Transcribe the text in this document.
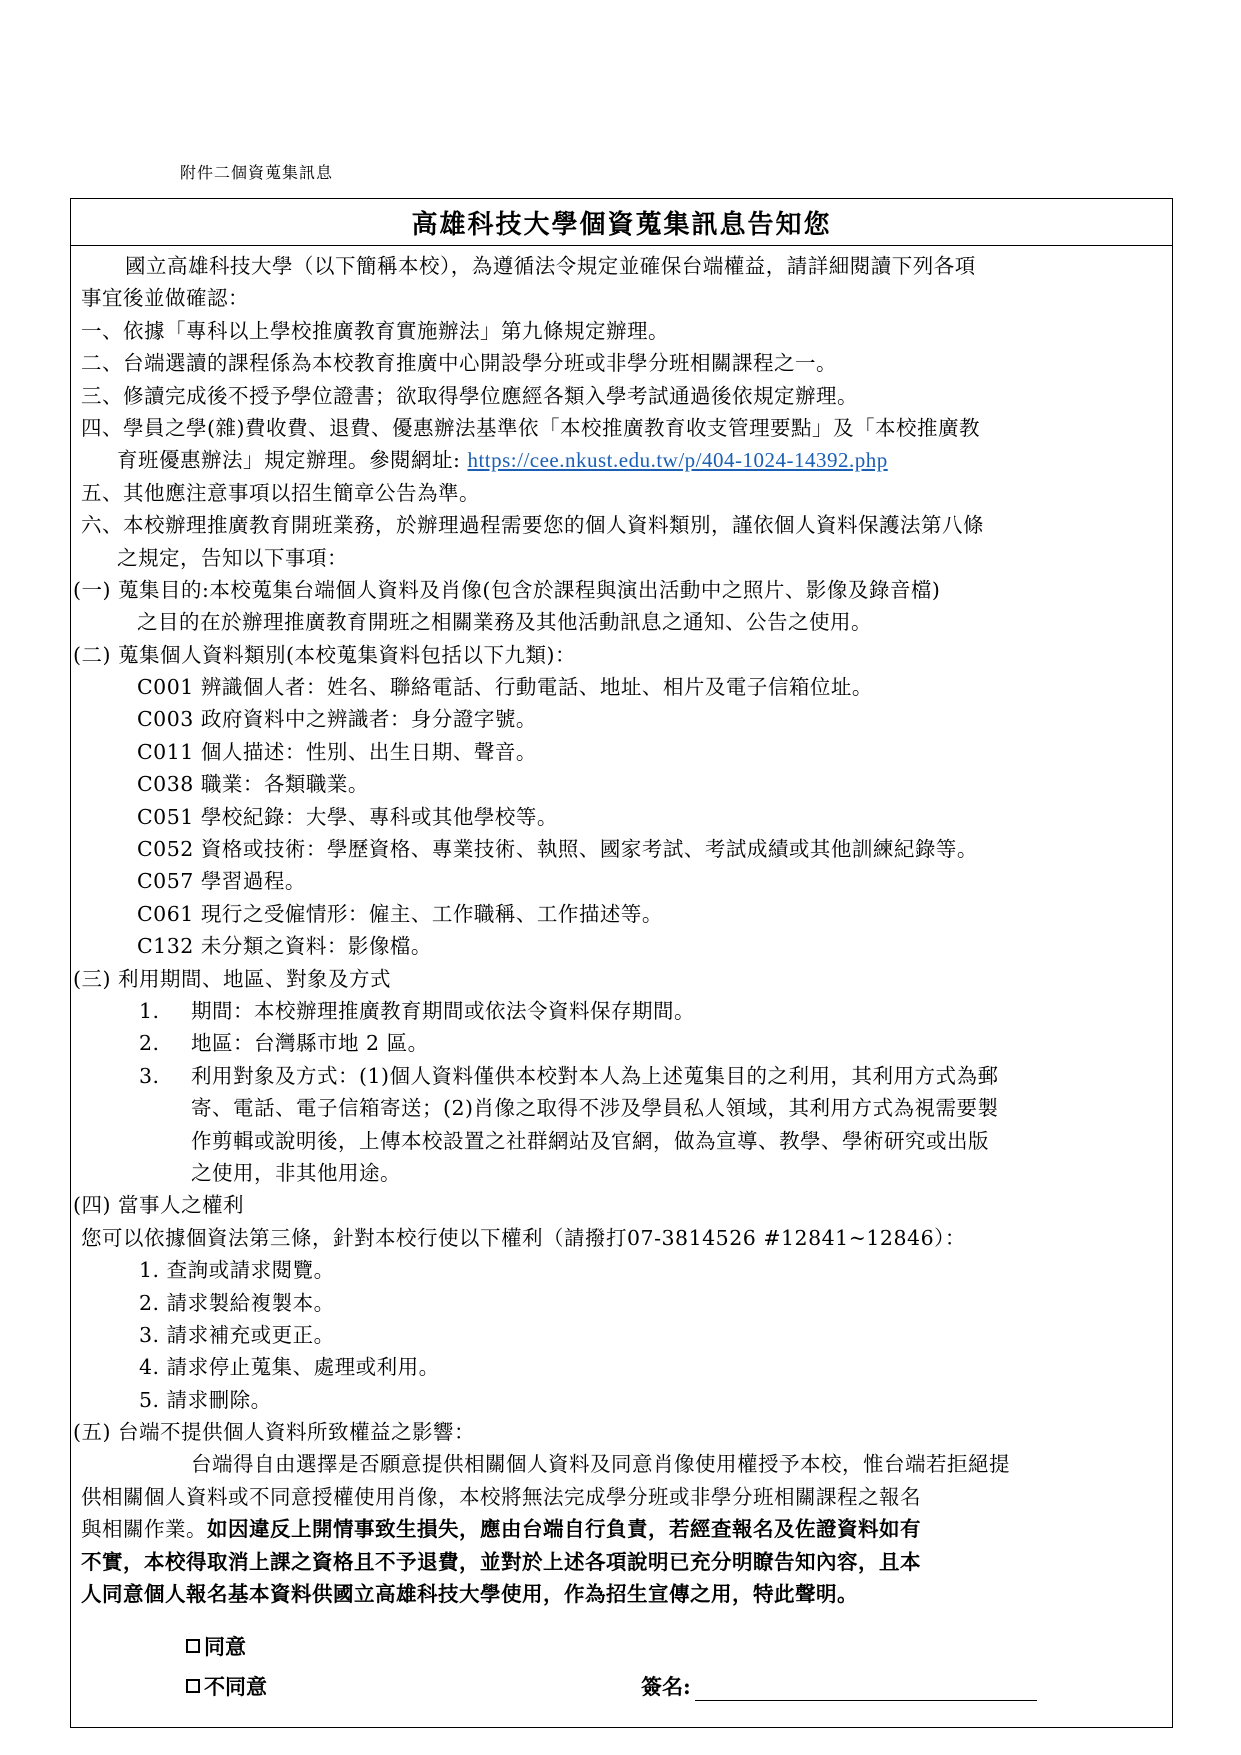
附件二個資蒐集訊息
高雄科技大學個資蒐集訊息告知您
國立高雄科技大學（以下簡稱本校），為遵循法令規定並確保台端權益，請詳細閱讀下列各項
事宜後並做確認：
一、依據「專科以上學校推廣教育實施辦法」第九條規定辦理。
二、台端選讀的課程係為本校教育推廣中心開設學分班或非學分班相關課程之一。
三、修讀完成後不授予學位證書；欲取得學位應經各類入學考試通過後依規定辦理。
四、學員之學(雜)費收費、退費、優惠辦法基準依「本校推廣教育收支管理要點」及「本校推廣教
育班優惠辦法」規定辦理。參閱網址: https://cee.nkust.edu.tw/p/404-1024-14392.php
五、其他應注意事項以招生簡章公告為準。
六、本校辦理推廣教育開班業務，於辦理過程需要您的個人資料類別，謹依個人資料保護法第八條
之規定，告知以下事項：
(一) 蒐集目的:本校蒐集台端個人資料及肖像(包含於課程與演出活動中之照片、影像及錄音檔)
之目的在於辦理推廣教育開班之相關業務及其他活動訊息之通知、公告之使用。
(二) 蒐集個人資料類別(本校蒐集資料包括以下九類)：
C001 辨識個人者：姓名、聯絡電話、行動電話、地址、相片及電子信箱位址。
C003 政府資料中之辨識者：身分證字號。
C011 個人描述：性別、出生日期、聲音。
C038 職業：各類職業。
C051 學校紀錄：大學、專科或其他學校等。
C052 資格或技術：學歷資格、專業技術、執照、國家考試、考試成績或其他訓練紀錄等。
C057 學習過程。
C061 現行之受僱情形：僱主、工作職稱、工作描述等。
C132 未分類之資料：影像檔。
(三) 利用期間、地區、對象及方式
1.	期間：本校辦理推廣教育期間或依法令資料保存期間。
2.	地區：台灣縣市地 2 區。
3.	利用對象及方式：(1)個人資料僅供本校對本人為上述蒐集目的之利用，其利用方式為郵
寄、電話、電子信箱寄送；(2)肖像之取得不涉及學員私人領域，其利用方式為視需要製
作剪輯或說明後，上傳本校設置之社群網站及官網，做為宣導、教學、學術研究或出版
之使用，非其他用途。
(四) 當事人之權利
您可以依據個資法第三條，針對本校行使以下權利（請撥打07-3814526 #12841~12846）：
1. 查詢或請求閱覽。
2. 請求製給複製本。
3. 請求補充或更正。
4. 請求停止蒐集、處理或利用。
5. 請求刪除。
(五) 台端不提供個人資料所致權益之影響：
台端得自由選擇是否願意提供相關個人資料及同意肖像使用權授予本校，惟台端若拒絕提
供相關個人資料或不同意授權使用肖像，本校將無法完成學分班或非學分班相關課程之報名
與相關作業。如因違反上開情事致生損失，應由台端自行負責，若經查報名及佐證資料如有
不實，本校得取消上課之資格且不予退費，並對於上述各項說明已充分明瞭告知內容，且本
人同意個人報名基本資料供國立高雄科技大學使用，作為招生宣傳之用，特此聲明。
同意
不同意	簽名:
